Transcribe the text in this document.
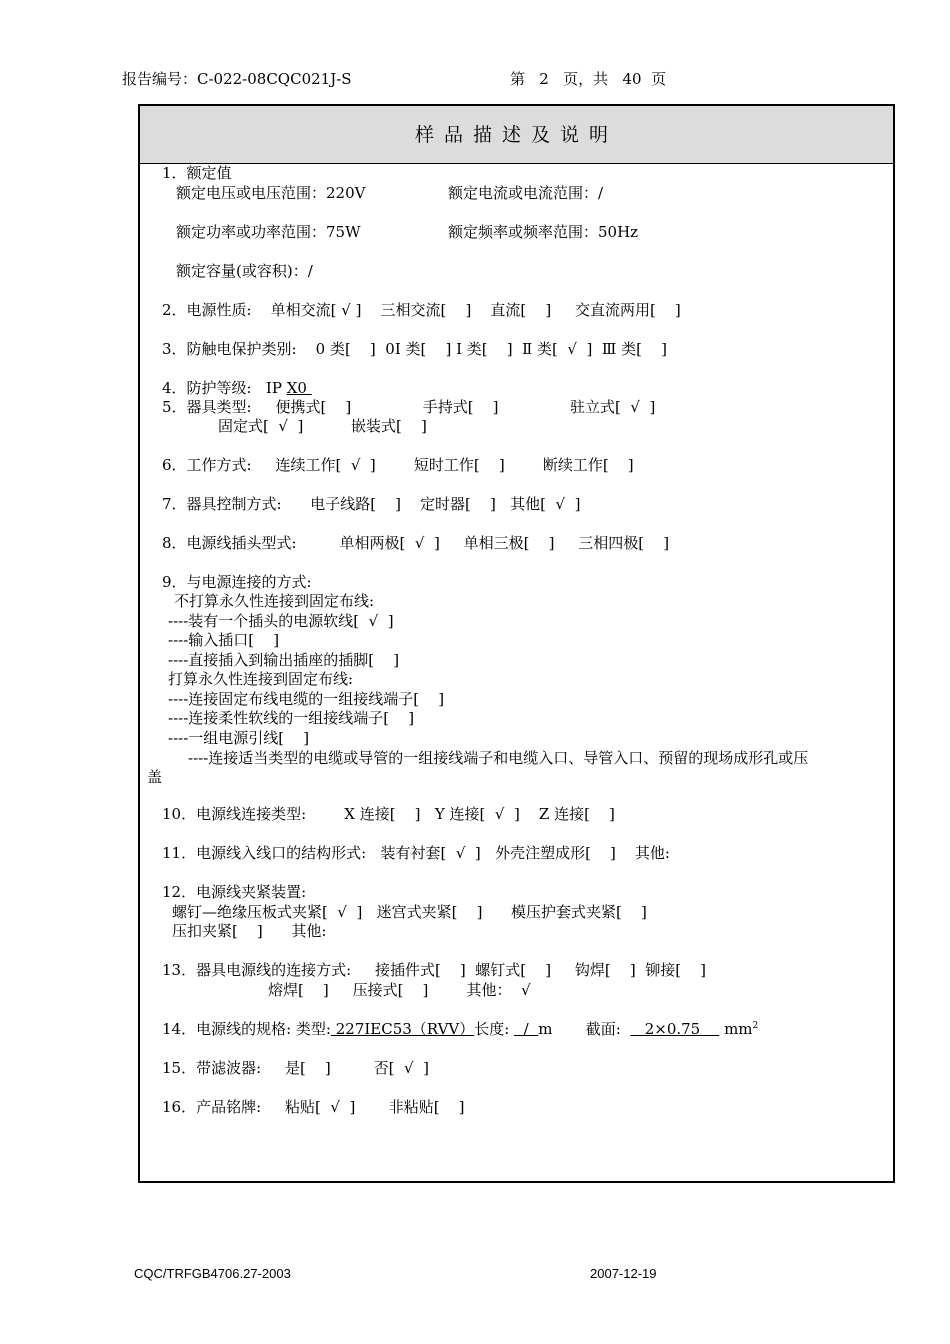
报告编号：C-022-08CQC021J-S	第   2   页，共   40  页
样品描述及说明
1．额定值
额定电压或电压范围：220V	额定电流或电流范围：/
额定功率或功率范围：75W	额定频率或频率范围：50Hz
额定容量(或容积)：/
2．电源性质:    单相交流[ √ ]    三相交流[    ]    直流[    ]     交直流两用[    ]
3．防触电保护类别:    0 类[    ]  0I 类[    ] I 类[    ]  Ⅱ 类[  √  ]  Ⅲ 类[    ]
4．防护等级:   IP X0
5．器具类型:     便携式[    ]               手持式[    ]               驻立式[  √  ]
固定式[  √  ]          嵌装式[    ]
6．工作方式:     连续工作[  √  ]        短时工作[    ]        断续工作[    ]
7．器具控制方式:      电子线路[    ]    定时器[    ]   其他[  √  ]
8．电源线插头型式:         单相两极[  √  ]     单相三极[    ]     三相四极[    ]
9．与电源连接的方式:
不打算永久性连接到固定布线:
----装有一个插头的电源软线[  √  ]
----输入插口[    ]
----直接插入到输出插座的插脚[    ]
打算永久性连接到固定布线:
----连接固定布线电缆的一组接线端子[    ]
----连接柔性软线的一组接线端子[    ]
----一组电源引线[    ]
----连接适当类型的电缆或导管的一组接线端子和电缆入口、导管入口、预留的现场成形孔或压
盖
10．电源线连接类型:        X 连接[    ]   Y 连接[  √  ]    Z 连接[    ]
11．电源线入线口的结构形式:   装有衬套[  √  ]   外壳注塑成形[    ]    其他:
12．电源线夹紧装置:
螺钉—绝缘压板式夹紧[  √  ]   迷宫式夹紧[    ]      模压护套式夹紧[    ]
压扣夹紧[    ]      其他:
13．器具电源线的连接方式:     接插件式[    ]  螺钉式[    ]     钩焊[    ]  铆接[    ]
熔焊[    ]     压接式[    ]        其他：  √
14．电源线的规格: 类型: 227IEC53（RVV）长度:   /  m       截面:     2×0.75     $mm^2$
15．带滤波器:     是[    ]         否[  √  ]
16．产品铭牌:     粘贴[  √  ]       非粘贴[    ]
CQC/TRFGB4706.27-2003	2007-12-19
